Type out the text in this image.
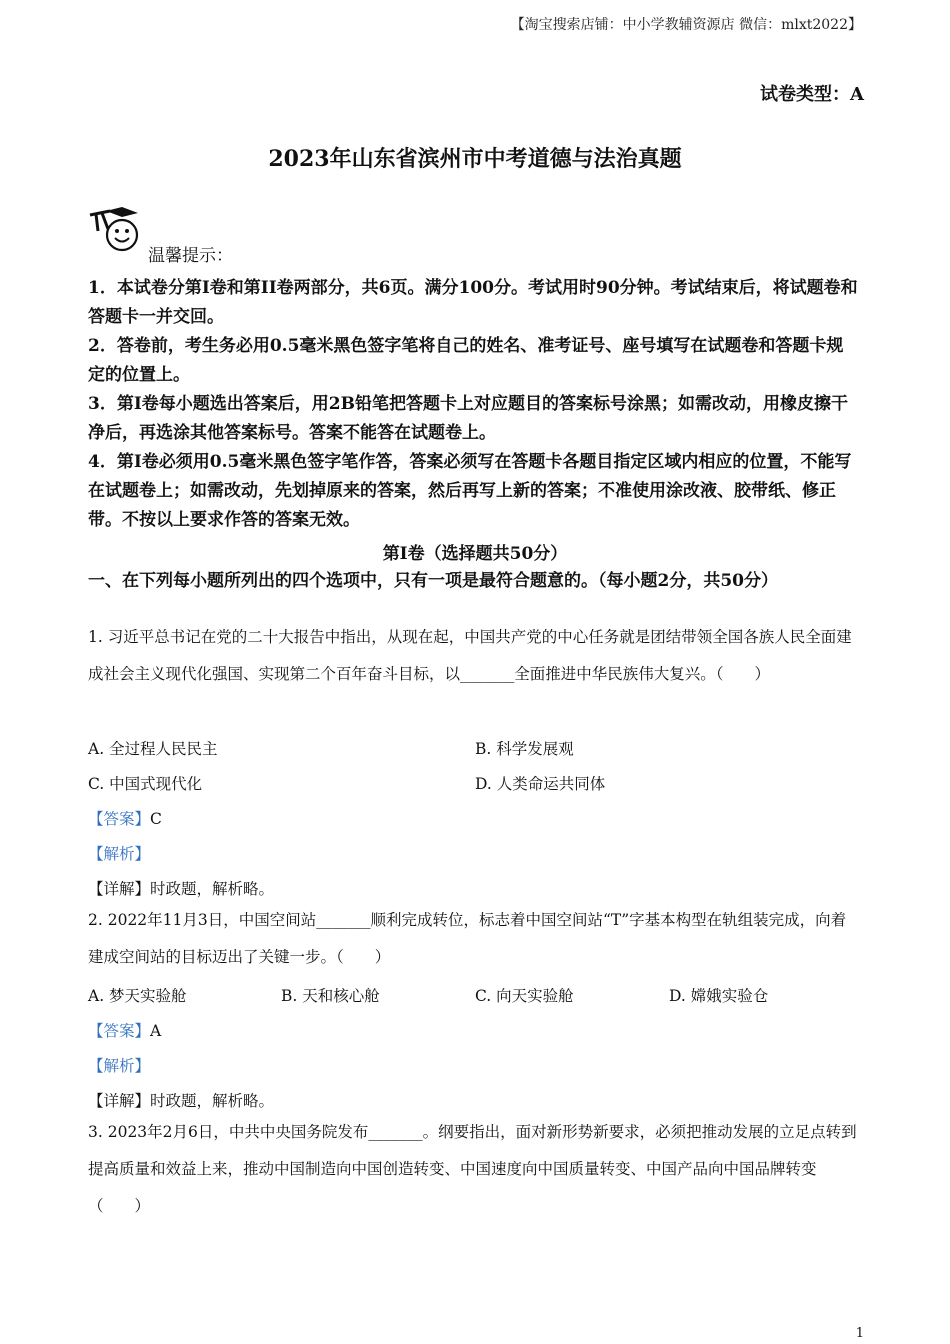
【淘宝搜索店铺：中小学教辅资源店 微信：mlxt2022】
试卷类型：A
2023年山东省滨州市中考道德与法治真题
温馨提示：
1．本试卷分第Ⅰ卷和第II卷两部分，共6页。满分100分。考试用时90分钟。考试结束后，将试题卷和答题卡一并交回。
2．答卷前，考生务必用0.5毫米黑色签字笔将自己的姓名、准考证号、座号填写在试题卷和答题卡规定的位置上。
3．第Ⅰ卷每小题选出答案后，用2B铅笔把答题卡上对应题目的答案标号涂黑；如需改动，用橡皮擦干净后，再选涂其他答案标号。答案不能答在试题卷上。
4．第Ⅰ卷必须用0.5毫米黑色签字笔作答，答案必须写在答题卡各题目指定区域内相应的位置，不能写在试题卷上；如需改动，先划掉原来的答案，然后再写上新的答案；不准使用涂改液、胶带纸、修正带。不按以上要求作答的答案无效。
第Ⅰ卷（选择题共50分）
一、在下列每小题所列出的四个选项中，只有一项是最符合题意的。（每小题2分，共50分）
1. 习近平总书记在党的二十大报告中指出，从现在起，中国共产党的中心任务就是团结带领全国各族人民全面建成社会主义现代化强国、实现第二个百年奋斗目标，以_______全面推进中华民族伟大复兴。（　　）
A. 全过程人民民主	B. 科学发展观
C. 中国式现代化	D. 人类命运共同体
【答案】C
【解析】
【详解】时政题，解析略。
2. 2022年11月3日，中国空间站_______顺利完成转位，标志着中国空间站“T”字基本构型在轨组装完成，向着建成空间站的目标迈出了关键一步。（　　）
A. 梦天实验舱	B. 天和核心舱	C. 向天实验舱	D. 嫦娥实验仓
【答案】A
【解析】
【详解】时政题，解析略。
3. 2023年2月6日，中共中央国务院发布_______。纲要指出，面对新形势新要求，必须把推动发展的立足点转到提高质量和效益上来，推动中国制造向中国创造转变、中国速度向中国质量转变、中国产品向中国品牌转变（　　）
1
